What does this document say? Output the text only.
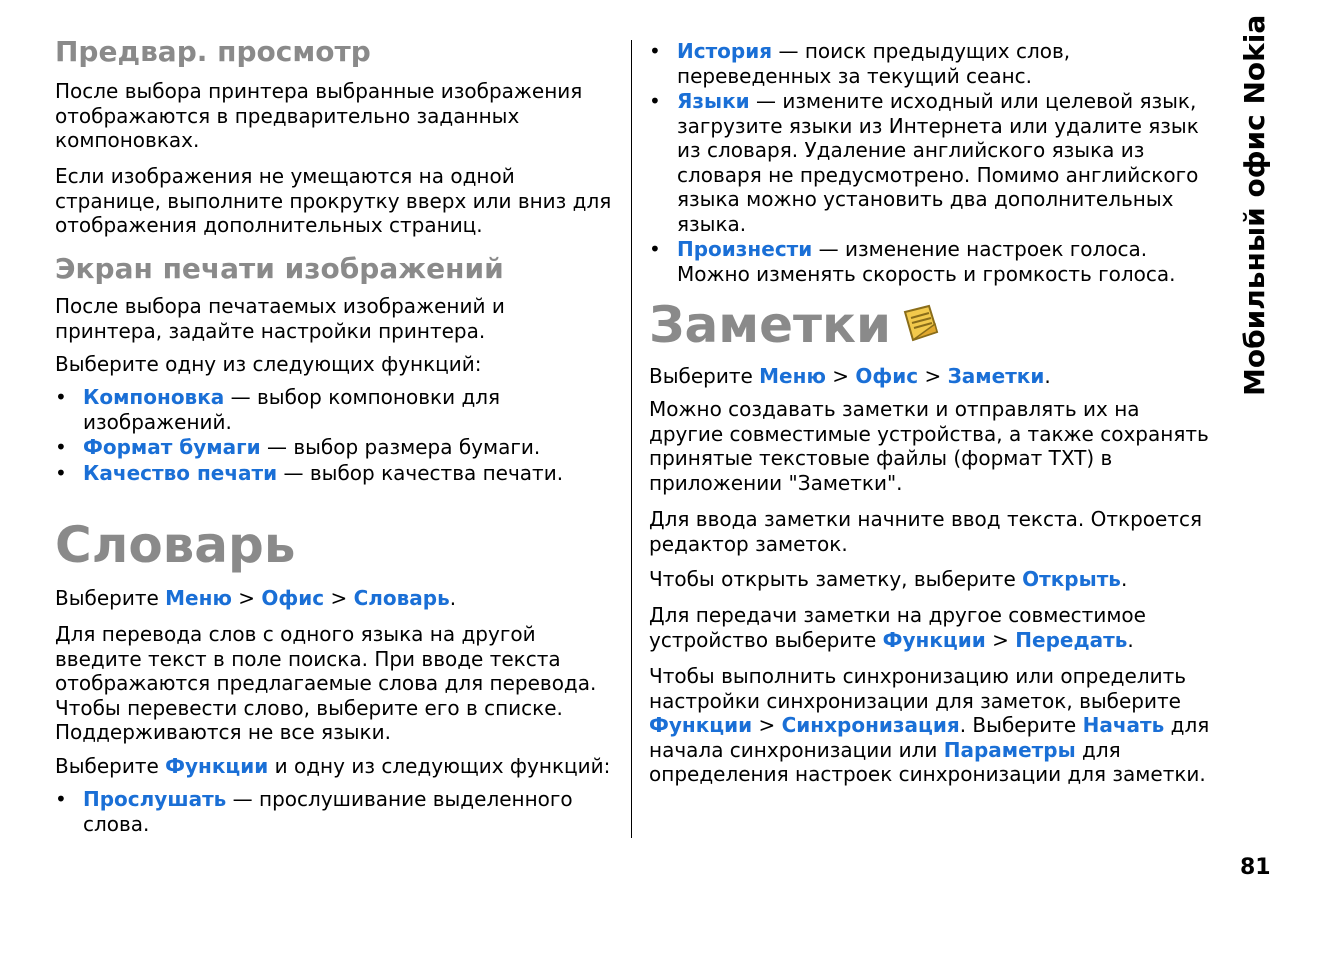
Предвар. просмотр

После выбора принтера выбранные изображения отображаются в предварительно заданных компоновках.

Если изображения не умещаются на одной странице, выполните прокрутку вверх или вниз для отображения дополнительных страниц.

Экран печати изображений

После выбора печатаемых изображений и принтера, задайте настройки принтера.

Выберите одну из следующих функций:

• Компоновка — выбор компоновки для изображений.
• Формат бумаги — выбор размера бумаги.
• Качество печати — выбор качества печати.
Словарь

Выберите Меню > Офис > Словарь.

Для перевода слов с одного языка на другой введите текст в поле поиска. При вводе текста отображаются предлагаемые слова для перевода. Чтобы перевести слово, выберите его в списке. Поддерживаются не все языки.

Выберите Функции и одну из следующих функций:

• Прослушать — прослушивание выделенного слова.
• История — поиск предыдущих слов, переведенных за текущий сеанс.
• Языки — измените исходный или целевой язык, загрузите языки из Интернета или удалите язык из словаря. Удаление английского языка из словаря не предусмотрено. Помимо английского языка можно установить два дополнительных языка.
• Произнести — изменение настроек голоса. Можно изменять скорость и громкость голоса.
Заметки

Выберите Меню > Офис > Заметки.

Можно создавать заметки и отправлять их на другие совместимые устройства, а также сохранять принятые текстовые файлы (формат TXT) в приложении "Заметки".

Для ввода заметки начните ввод текста. Откроется редактор заметок.

Чтобы открыть заметку, выберите Открыть.

Для передачи заметки на другое совместимое устройство выберите Функции > Передать.

Чтобы выполнить синхронизацию или определить настройки синхронизации для заметок, выберите Функции > Синхронизация. Выберите Начать для начала синхронизации или Параметры для определения настроек синхронизации для заметки.

Мобильный офис Nokia
81
